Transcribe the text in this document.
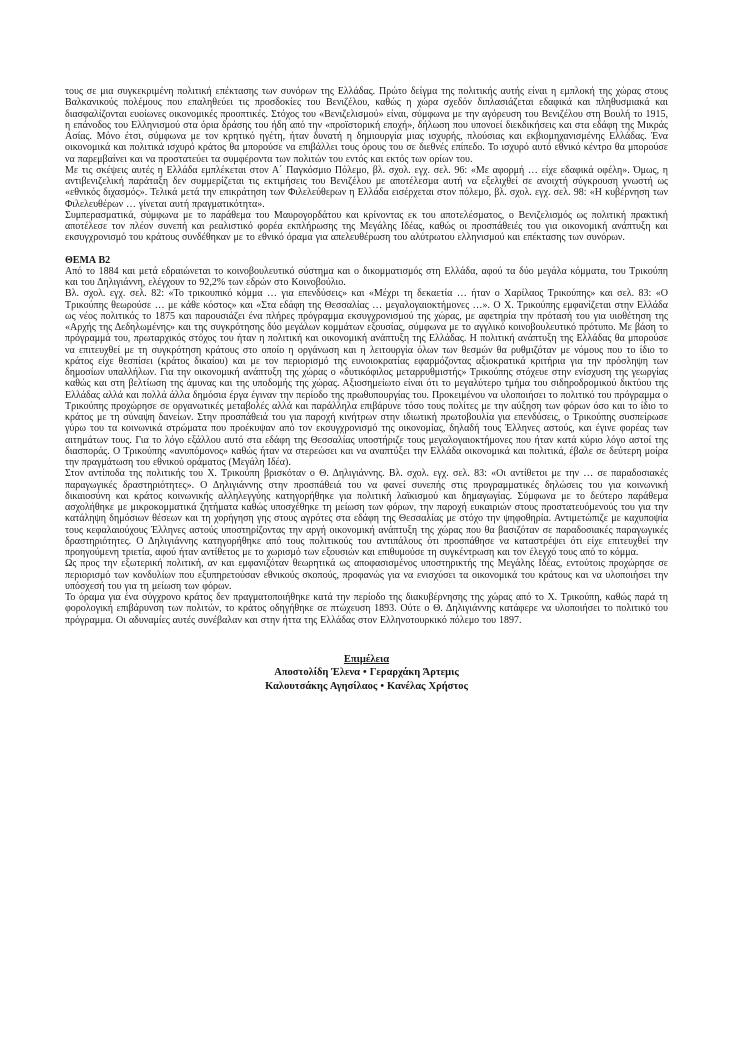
τους σε μια συγκεκριμένη πολιτική επέκτασης των συνόρων της Ελλάδας. Πρώτο δείγμα της πολιτικής αυτής είναι η εμπλοκή της χώρας στους Βαλκανικούς πολέμους που επαληθεύει τις προσδοκίες του Βενιζέλου, καθώς η χώρα σχεδόν διπλασιάζεται εδαφικά και πληθυσμιακά και διασφαλίζονται ευοίωνες οικονομικές προοπτικές. Στόχος του «Βενιζελισμού» είναι, σύμφωνα με την αγόρευση του Βενιζέλου στη Βουλή το 1915, η επάνοδος του Ελληνισμού στα όρια δράσης του ήδη από την «προϊστορική εποχή», δήλωση που υπονοεί διεκδικήσεις και στα εδάφη της Μικράς Ασίας. Μόνο έτσι, σύμφωνα με τον κρητικό ηγέτη, ήταν δυνατή η δημιουργία μιας ισχυρής, πλούσιας και εκβιομηχανισμένης Ελλάδας. Ένα οικονομικά και πολιτικά ισχυρό κράτος θα μπορούσε να επιβάλλει τους όρους του σε διεθνές επίπεδο. Το ισχυρό αυτό εθνικό κέντρο θα μπορούσε να παρεμβαίνει και να προστατεύει τα συμφέροντα των πολιτών του εντός και εκτός των ορίων του.

Με τις σκέψεις αυτές η Ελλάδα εμπλέκεται στον Α΄ Παγκόσμιο Πόλεμο, βλ. σχολ. εγχ. σελ. 96: «Με αφορμή … είχε εδαφικά οφέλη». Όμως, η αντιβενιζελική παράταξη δεν συμμερίζεται τις εκτιμήσεις του Βενιζέλου με αποτέλεσμα αυτή να εξελιχθεί σε ανοιχτή σύγκρουση γνωστή ως «εθνικός διχασμός». Τελικά μετά την επικράτηση των Φιλελεύθερων η Ελλάδα εισέρχεται στον πόλεμο, βλ. σχολ. εγχ. σελ. 98: «Η κυβέρνηση των Φιλελευθέρων … γίνεται αυτή πραγματικότητα».

Συμπερασματικά, σύμφωνα με το παράθεμα του Μαυρογορδάτου και κρίνοντας εκ του αποτελέσματος, ο Βενιζελισμός ως πολιτική πρακτική αποτέλεσε τον πλέον συνεπή και ρεαλιστικό φορέα εκπλήρωσης της Μεγάλης Ιδέας, καθώς οι προσπάθειές του για οικονομική ανάπτυξη και εκσυγχρονισμό του κράτους συνδέθηκαν με το εθνικό όραμα για απελευθέρωση του αλύτρωτου ελληνισμού και επέκτασης των συνόρων.

ΘΕΜΑ Β2

Από το 1884 και μετά εδραιώνεται το κοινοβουλευτικό σύστημα και ο δικομματισμός στη Ελλάδα, αφού τα δύο μεγάλα κόμματα, του Τρικούπη και του Δηλιγιάννη, ελέγχουν το 92,2% των εδρών στο Κοινοβούλιο.

Βλ. σχολ. εγχ. σελ. 82: «Το τρικουπικό κόμμα … για επενδύσεις» και «Μέχρι τη δεκαετία … ήταν ο Χαρίλαος Τρικούπης» και σελ. 83: «Ο Τρικούπης θεωρούσε … με κάθε κόστος» και «Στα εδάφη της Θεσσαλίας … μεγαλογαιοκτήμονες …». Ο Χ. Τρικούπης εμφανίζεται στην Ελλάδα ως νέος πολιτικός το 1875 και παρουσιάζει ένα πλήρες πρόγραμμα εκσυγχρονισμού της χώρας, με αφετηρία την πρότασή του για υιοθέτηση της «Αρχής της Δεδηλωμένης» και της συγκρότησης δύο μεγάλων κομμάτων εξουσίας, σύμφωνα με το αγγλικό κοινοβουλευτικό πρότυπο. Με βάση το πρόγραμμά του, πρωταρχικός στόχος του ήταν η πολιτική και οικονομική ανάπτυξη της Ελλάδας. Η πολιτική ανάπτυξη της Ελλάδας θα μπορούσε να επιτευχθεί με τη συγκρότηση κράτους στο οποίο η οργάνωση και η λειτουργία όλων των θεσμών θα ρυθμιζόταν με νόμους που το ίδιο το κράτος είχε θεσπίσει (κράτος δικαίου) και με τον περιορισμό της ευνοιοκρατίας εφαρμόζοντας αξιοκρατικά κριτήρια για την πρόσληψη των δημοσίων υπαλλήλων. Για την οικονομική ανάπτυξη της χώρας ο «δυτικόφιλος μεταρρυθμιστής» Τρικούπης στόχευε στην ενίσχυση της γεωργίας καθώς και στη βελτίωση της άμυνας και της υποδομής της χώρας. Αξιοσημείωτο είναι ότι το μεγαλύτερο τμήμα του σιδηροδρομικού δικτύου της Ελλάδας αλλά και πολλά άλλα δημόσια έργα έγιναν την περίοδο της πρωθυπουργίας του. Προκειμένου να υλοποιήσει το πολιτικό του πρόγραμμα ο Τρικούπης προχώρησε σε οργανωτικές μεταβολές αλλά και παράλληλα επιβάρυνε τόσο τους πολίτες με την αύξηση των φόρων όσο και το ίδιο το κράτος με τη σύναψη δανείων. Στην προσπάθειά του για παροχή κινήτρων στην ιδιωτική πρωτοβουλία για επενδύσεις, ο Τρικούπης συσπείρωσε γύρω του τα κοινωνικά στρώματα που προέκυψαν από τον εκσυγχρονισμό της οικονομίας, δηλαδή τους Έλληνες αστούς, και έγινε φορέας των αιτημάτων τους. Για το λόγο εξάλλου αυτό στα εδάφη της Θεσσαλίας υποστήριζε τους μεγαλογαιοκτήμονες που ήταν κατά κύριο λόγο αστοί της διασποράς. Ο Τρικούπης «ανυπόμονος» καθώς ήταν να στερεώσει και να αναπτύξει την Ελλάδα οικονομικά και πολιτικά, έβαλε σε δεύτερη μοίρα την πραγμάτωση του εθνικού οράματος (Μεγάλη Ιδέα).

Στον αντίποδα της πολιτικής του Χ. Τρικούπη βρισκόταν ο Θ. Δηλιγιάννης. Βλ. σχολ. εγχ. σελ. 83: «Οι αντίθετοι με την … σε παραδοσιακές παραγωγικές δραστηριότητες». Ο Δηλιγιάννης στην προσπάθειά του να φανεί συνεπής στις προγραμματικές δηλώσεις του για κοινωνική δικαιοσύνη και κράτος κοινωνικής αλληλεγγύης κατηγορήθηκε για πολιτική λαϊκισμού και δημαγωγίας. Σύμφωνα με το δεύτερο παράθεμα ασχολήθηκε με μικροκομματικά ζητήματα καθώς υποσχέθηκε τη μείωση των φόρων, την παροχή ευκαιριών στους προστατευόμενούς του για την κατάληψη δημόσιων θέσεων και τη χορήγηση γης στους αγρότες στα εδάφη της Θεσσαλίας με στόχο την ψηφοθηρία. Αντιμετώπιζε με καχυποψία τους κεφαλαιούχους Έλληνες αστούς υποστηρίζοντας την αργή οικονομική ανάπτυξη της χώρας που θα βασιζόταν σε παραδοσιακές παραγωγικές δραστηριότητες. Ο Δηλιγιάννης κατηγορήθηκε από τους πολιτικούς του αντιπάλους ότι προσπάθησε να καταστρέψει ότι είχε επιτευχθεί την προηγούμενη τριετία, αφού ήταν αντίθετος με το χωρισμό των εξουσιών και επιθυμούσε τη συγκέντρωση και τον έλεγχό τους από το κόμμα.

Ως προς την εξωτερική πολιτική, αν και εμφανιζόταν θεωρητικά ως αποφασισμένος υποστηρικτής της Μεγάλης Ιδέας, εντούτοις προχώρησε σε περιορισμό των κονδυλίων που εξυπηρετούσαν εθνικούς σκοπούς, προφανώς για να ενισχύσει τα οικονομικά του κράτους και να υλοποιήσει την υπόσχεσή του για τη μείωση των φόρων.

Το όραμα για ένα σύγχρονο κράτος δεν πραγματοποιήθηκε κατά την περίοδο της διακυβέρνησης της χώρας από το Χ. Τρικούπη, καθώς παρά τη φορολογική επιβάρυνση των πολιτών, το κράτος οδηγήθηκε σε πτώχευση 1893. Ούτε ο Θ. Δηλιγιάννης κατάφερε να υλοποιήσει το πολιτικό του πρόγραμμα. Οι αδυναμίες αυτές συνέβαλαν και στην ήττα της Ελλάδας στον Ελληνοτουρκικό πόλεμο του 1897.

Επιμέλεια
Αποστολίδη Έλενα • Γεραρχάκη Άρτεμις
Καλουτσάκης Αγησίλαος • Κανέλας Χρήστος
